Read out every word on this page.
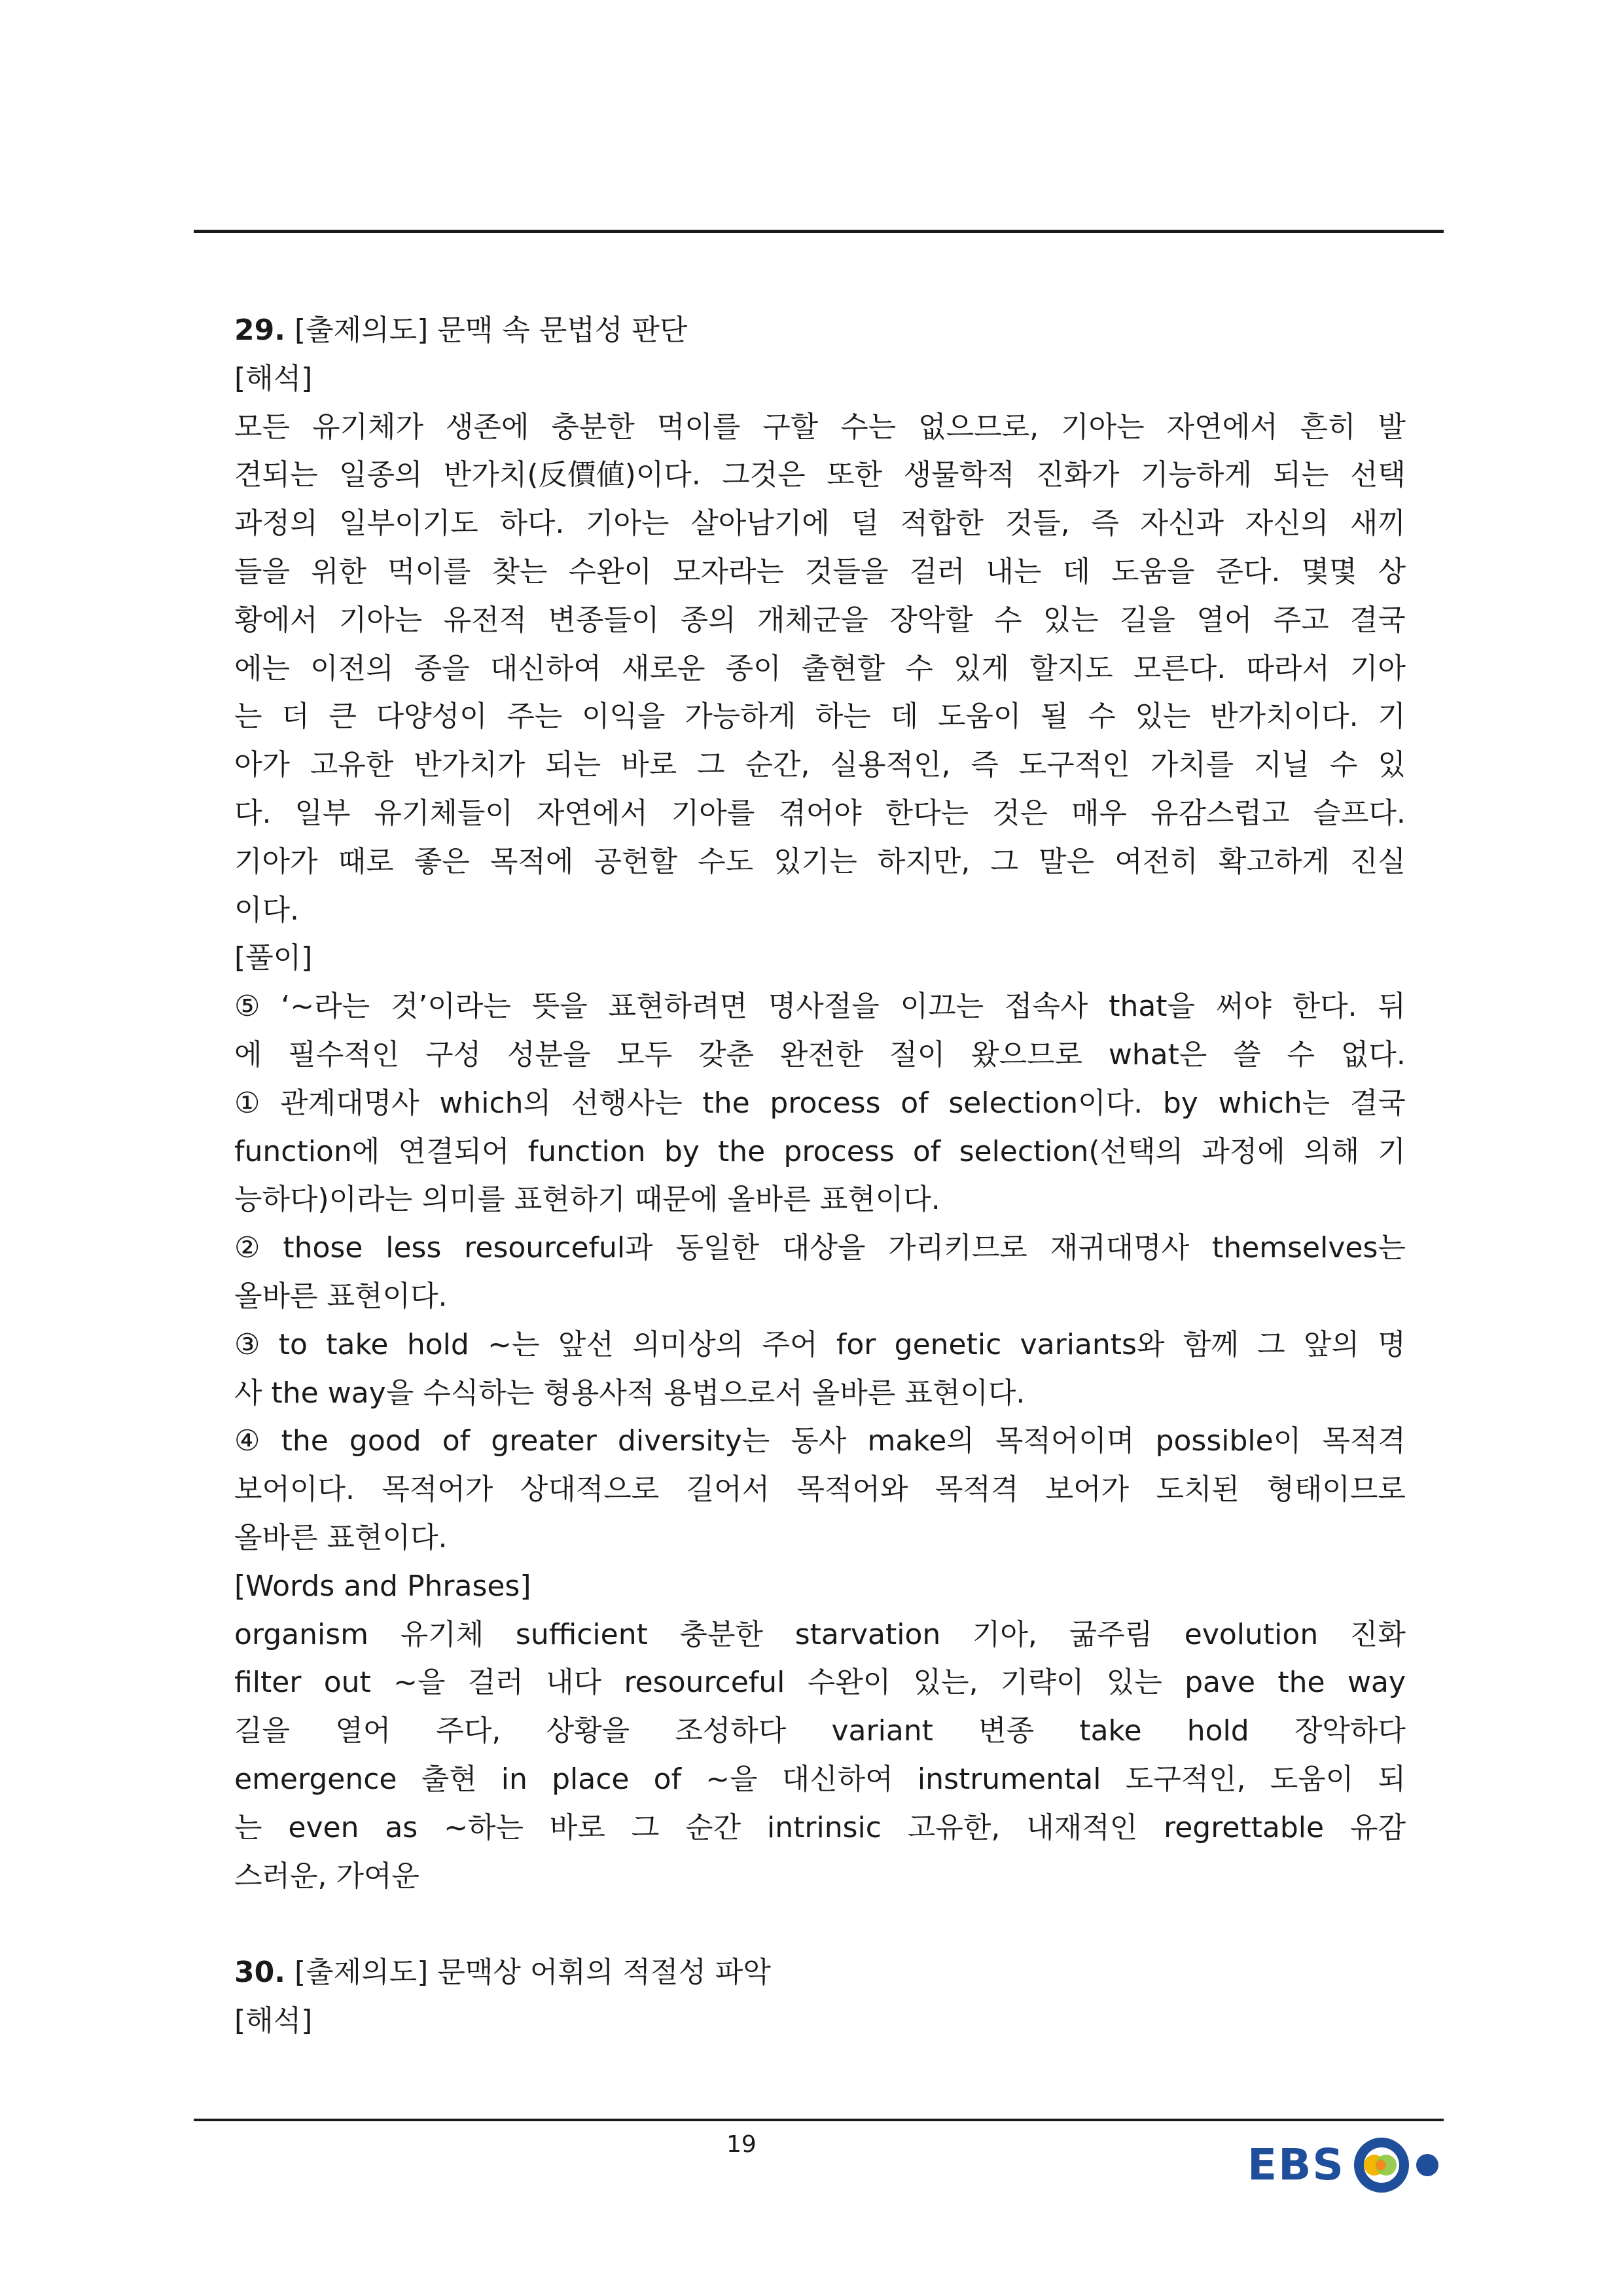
29. [출제의도] 문맥 속 문법성 판단
[해석]
모든 유기체가 생존에 충분한 먹이를 구할 수는 없으므로, 기아는 자연에서 흔히 발
견되는 일종의 반가치(反價値)이다. 그것은 또한 생물학적 진화가 기능하게 되는 선택
과정의 일부이기도 하다. 기아는 살아남기에 덜 적합한 것들, 즉 자신과 자신의 새끼
들을 위한 먹이를 찾는 수완이 모자라는 것들을 걸러 내는 데 도움을 준다. 몇몇 상
황에서 기아는 유전적 변종들이 종의 개체군을 장악할 수 있는 길을 열어 주고 결국
에는 이전의 종을 대신하여 새로운 종이 출현할 수 있게 할지도 모른다. 따라서 기아
는 더 큰 다양성이 주는 이익을 가능하게 하는 데 도움이 될 수 있는 반가치이다. 기
아가 고유한 반가치가 되는 바로 그 순간, 실용적인, 즉 도구적인 가치를 지닐 수 있
다. 일부 유기체들이 자연에서 기아를 겪어야 한다는 것은 매우 유감스럽고 슬프다.
기아가 때로 좋은 목적에 공헌할 수도 있기는 하지만, 그 말은 여전히 확고하게 진실
이다.
[풀이]
⑤ ‘~라는 것’이라는 뜻을 표현하려면 명사절을 이끄는 접속사 that을 써야 한다. 뒤
에 필수적인 구성 성분을 모두 갖춘 완전한 절이 왔으므로 what은 쓸 수 없다.
① 관계대명사 which의 선행사는 the process of selection이다. by which는 결국
function에 연결되어 function by the process of selection(선택의 과정에 의해 기
능하다)이라는 의미를 표현하기 때문에 올바른 표현이다.
② those less resourceful과 동일한 대상을 가리키므로 재귀대명사 themselves는
올바른 표현이다.
③ to take hold ~는 앞선 의미상의 주어 for genetic variants와 함께 그 앞의 명
사 the way을 수식하는 형용사적 용법으로서 올바른 표현이다.
④ the good of greater diversity는 동사 make의 목적어이며 possible이 목적격
보어이다. 목적어가 상대적으로 길어서 목적어와 목적격 보어가 도치된 형태이므로
올바른 표현이다.
[Words and Phrases]
organism 유기체 sufficient 충분한 starvation 기아, 굶주림 evolution 진화
filter out ~을 걸러 내다 resourceful 수완이 있는, 기략이 있는 pave the way
길을 열어 주다, 상황을 조성하다 variant 변종 take hold 장악하다
emergence 출현 in place of ~을 대신하여 instrumental 도구적인, 도움이 되
는 even as ~하는 바로 그 순간 intrinsic 고유한, 내재적인 regrettable 유감
스러운, 가여운
30. [출제의도] 문맥상 어휘의 적절성 파악
[해석]
19	EBS
